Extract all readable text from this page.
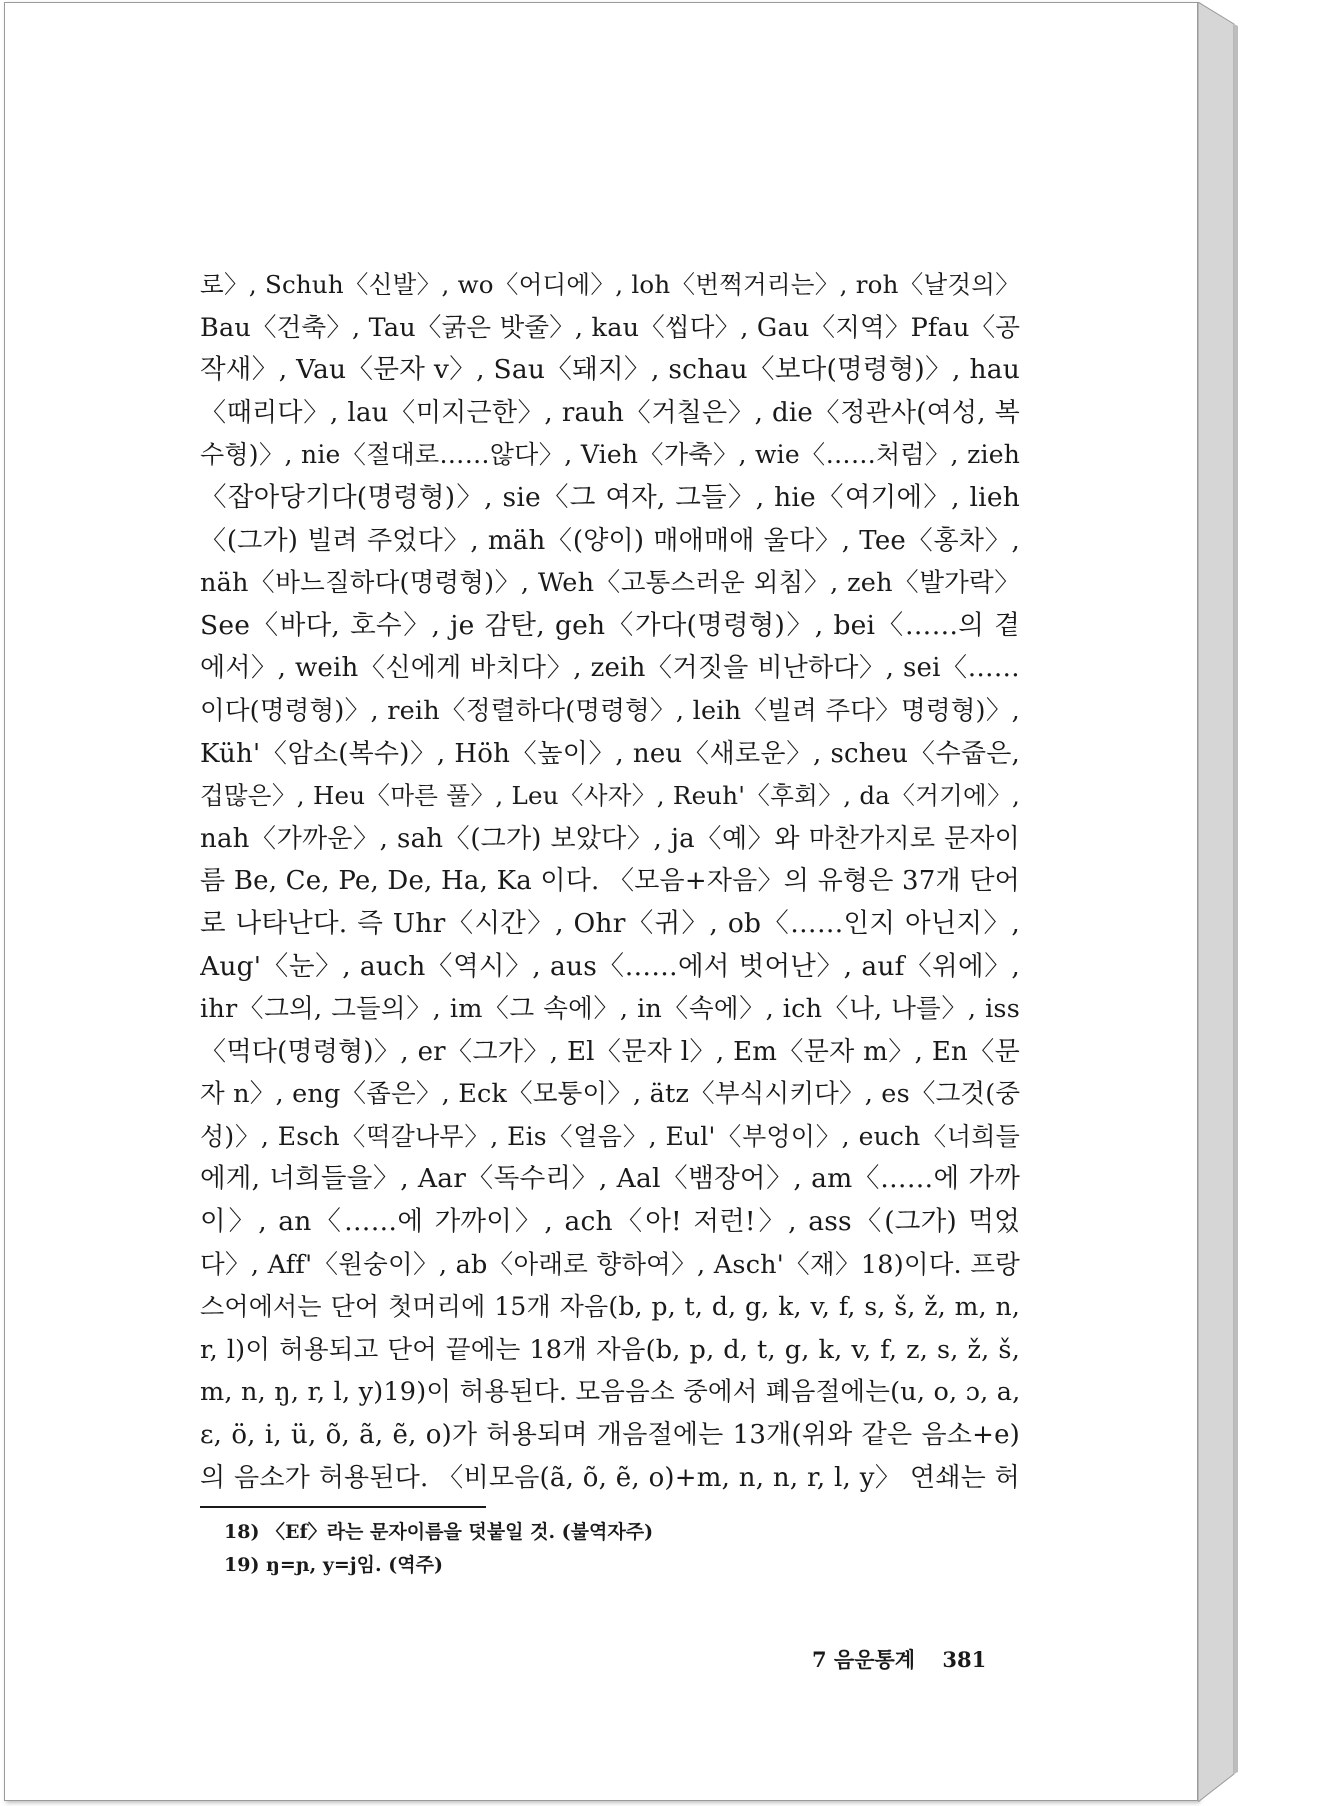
로〉, Schuh〈신발〉, wo〈어디에〉, loh〈번쩍거리는〉, roh〈날것의〉
Bau〈건축〉, Tau〈굵은 밧줄〉, kau〈씹다〉, Gau〈지역〉Pfau〈공
작새〉, Vau〈문자 v〉, Sau〈돼지〉, schau〈보다(명령형)〉, hau
〈때리다〉, lau〈미지근한〉, rauh〈거칠은〉, die〈정관사(여성, 복
수형)〉, nie〈절대로……않다〉, Vieh〈가축〉, wie〈……처럼〉, zieh
〈잡아당기다(명령형)〉, sie〈그 여자, 그들〉, hie〈여기에〉, lieh
〈(그가) 빌려 주었다〉, mäh〈(양이) 매애매애 울다〉, Tee〈홍차〉,
näh〈바느질하다(명령형)〉, Weh〈고통스러운 외침〉, zeh〈발가락〉
See〈바다, 호수〉, je 감탄, geh〈가다(명령형)〉, bei〈……의 곁
에서〉, weih〈신에게 바치다〉, zeih〈거짓을 비난하다〉, sei〈……
이다(명령형)〉, reih〈정렬하다(명령형〉, leih〈빌려 주다〉명령형)〉,
Küh'〈암소(복수)〉, Höh〈높이〉, neu〈새로운〉, scheu〈수줍은,
겁많은〉, Heu〈마른 풀〉, Leu〈사자〉, Reuh'〈후회〉, da〈거기에〉,
nah〈가까운〉, sah〈(그가) 보았다〉, ja〈예〉와 마찬가지로 문자이
름 Be, Ce, Pe, De, Ha, Ka 이다. 〈모음+자음〉의 유형은 37개 단어
로 나타난다. 즉 Uhr〈시간〉, Ohr〈귀〉, ob〈……인지 아닌지〉,
Aug'〈눈〉, auch〈역시〉, aus〈……에서 벗어난〉, auf〈위에〉,
ihr〈그의, 그들의〉, im〈그 속에〉, in〈속에〉, ich〈나, 나를〉, iss
〈먹다(명령형)〉, er〈그가〉, El〈문자 l〉, Em〈문자 m〉, En〈문
자 n〉, eng〈좁은〉, Eck〈모퉁이〉, ätz〈부식시키다〉, es〈그것(중
성)〉, Esch〈떡갈나무〉, Eis〈얼음〉, Eul'〈부엉이〉, euch〈너희들
에게, 너희들을〉, Aar〈독수리〉, Aal〈뱀장어〉, am〈……에 가까
이〉, an〈……에 가까이〉, ach〈아! 저런!〉, ass〈(그가) 먹었
다〉, Aff'〈원숭이〉, ab〈아래로 향하여〉, Asch'〈재〉18)이다. 프랑
스어에서는 단어 첫머리에 15개 자음(b, p, t, d, g, k, v, f, s, š, ž, m, n,
r, l)이 허용되고 단어 끝에는 18개 자음(b, p, d, t, g, k, v, f, z, s, ž, š,
m, n, ŋ, r, l, y)19)이 허용된다. 모음음소 중에서 폐음절에는(u, o, ɔ, a,
ɛ, ö, i, ü, õ, ã, ẽ, o)가 허용되며 개음절에는 13개(위와 같은 음소+e)
의 음소가 허용된다. 〈비모음(ã, õ, ẽ, o)+m, n, n, r, l, y〉 연쇄는 허
18) 〈Ef〉라는 문자이름을 덧붙일 것. (불역자주)
19) ŋ=ɲ, y=j임. (역주)
7 음운통계 381
